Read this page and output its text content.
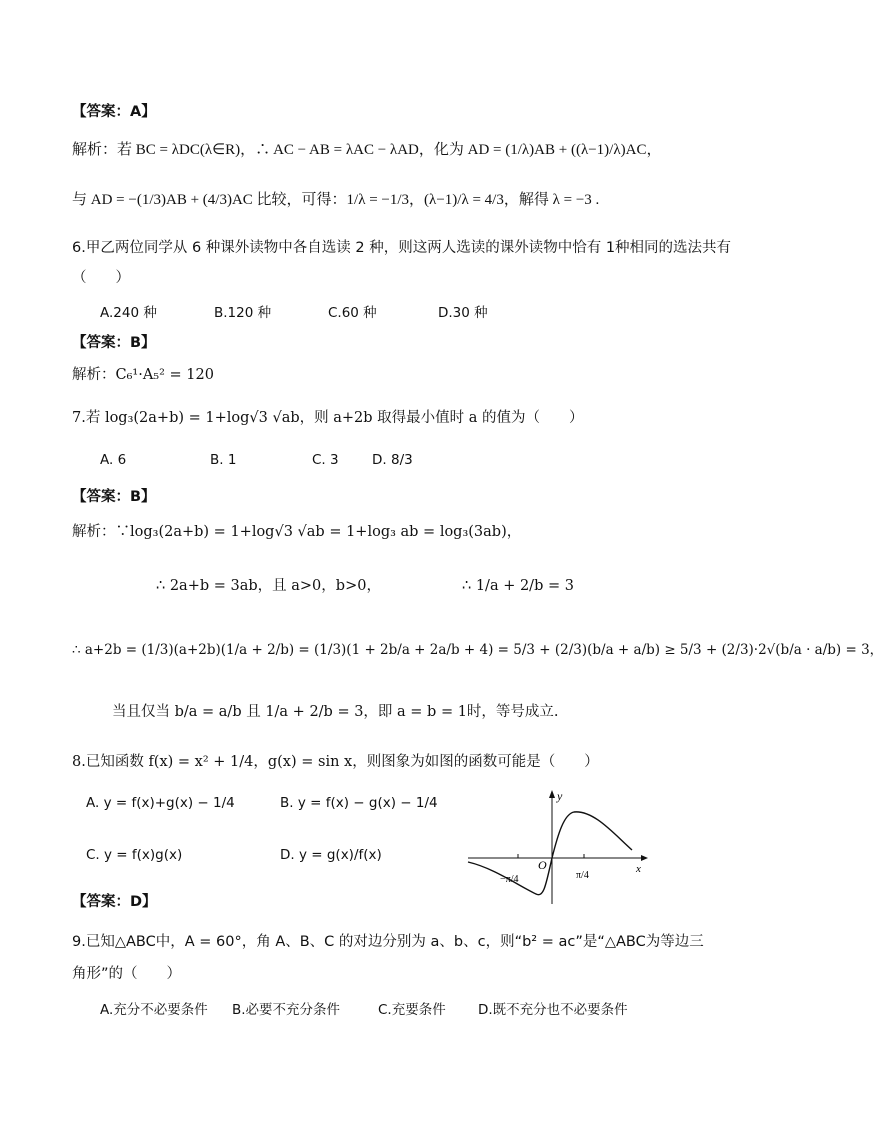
【答案：A】
解析：若 BC = λDC(λ∈R)，∴ AC − AB = λAC − λAD，化为 AD = (1/λ)AB + ((λ−1)/λ)AC，
与 AD = −(1/3)AB + (4/3)AC 比较，可得：1/λ = −1/3，(λ−1)/λ = 4/3，解得 λ = −3 .
6.甲乙两位同学从 6 种课外读物中各自选读 2 种，则这两人选读的课外读物中恰有 1种相同的选法共有
（　　）
A.240 种	B.120 种	C.60 种	D.30 种
【答案：B】
解析：C₆¹·A₅² = 120
7.若 log₃(2a+b) = 1+log√3 √ab，则 a+2b 取得最小值时 a 的值为（　　）
A. 6	B. 1	C. 3 D. 8/3
【答案：B】
解析：∵log₃(2a+b) = 1+log√3 √ab = 1+log₃ ab = log₃(3ab)，
∴ 2a+b = 3ab，且 a>0，b>0，	∴ 1/a + 2/b = 3
∴ a+2b = (1/3)(a+2b)(1/a + 2/b) = (1/3)(1 + 2b/a + 2a/b + 4) = 5/3 + (2/3)(b/a + a/b) ≥ 5/3 + (2/3)·2√(b/a · a/b) = 3，
当且仅当 b/a = a/b 且 1/a + 2/b = 3，即 a = b = 1时，等号成立.
8.已知函数 f(x) = x² + 1/4，g(x) = sin x，则图象为如图的函数可能是（　　）
A. y = f(x)+g(x) − 1/4	B. y = f(x) − g(x) − 1/4
C. y = f(x)g(x)	D. y = g(x)/f(x)
y
x
O
−π/4	π/4
【答案：D】
9.已知△ABC中，A = 60°，角 A、B、C 的对边分别为 a、b、c，则“b² = ac”是“△ABC为等边三
角形”的（　　）
A.充分不必要条件 B.必要不充分条件	C.充要条件 D.既不充分也不必要条件
